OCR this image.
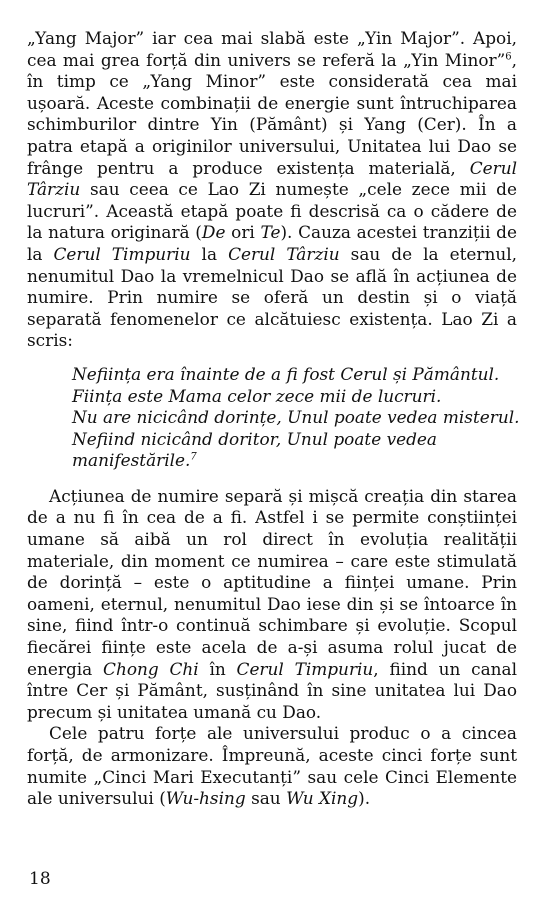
„Yang Major” iar cea mai slabă este „Yin Major”. Apoi, cea mai grea forță din univers se referă la „Yin Minor”$^6$, în timp ce „Yang Minor” este considerată cea mai ușoară. Aceste combinații de energie sunt întruchiparea schimburilor dintre Yin (Pământ) și Yang (Cer). În a patra etapă a originilor universului, Unitatea lui Dao se frânge pentru a produce existența materială, Cerul Târziu sau ceea ce Lao Zi numește „cele zece mii de lucruri”. Această etapă poate fi descrisă ca o cădere de la natura originară (De ori Te). Cauza acestei tranziții de la Cerul Timpuriu la Cerul Târziu sau de la eternul, nenumitul Dao la vremelnicul Dao se află în acțiunea de numire. Prin numire se oferă un destin și o viață separată fenomenelor ce alcătuiesc existența. Lao Zi a scris:

Neființa era înainte de a fi fost Cerul și Pământul.
Ființa este Mama celor zece mii de lucruri.
Nu are nicicând dorințe, Unul poate vedea misterul.
Nefiind nicicând doritor, Unul poate vedea
manifestările.$^7$

Acțiunea de numire separă și mișcă creația din starea de a nu fi în cea de a fi. Astfel i se permite conștiinței umane să aibă un rol direct în evoluția realității materiale, din moment ce numirea – care este stimulată de dorință – este o aptitudine a ființei umane. Prin oameni, eternul, nenumitul Dao iese din și se întoarce în sine, fiind într-o continuă schimbare și evoluție. Scopul fiecărei ființe este acela de a-și asuma rolul jucat de energia Chong Chi în Cerul Timpuriu, fiind un canal între Cer și Pământ, susținând în sine unitatea lui Dao precum și unitatea umană cu Dao.

Cele patru forțe ale universului produc o a cincea forță, de armonizare. Împreună, aceste cinci forțe sunt numite „Cinci Mari Executanți” sau cele Cinci Elemente ale universului (Wu-hsing sau Wu Xing).

18
